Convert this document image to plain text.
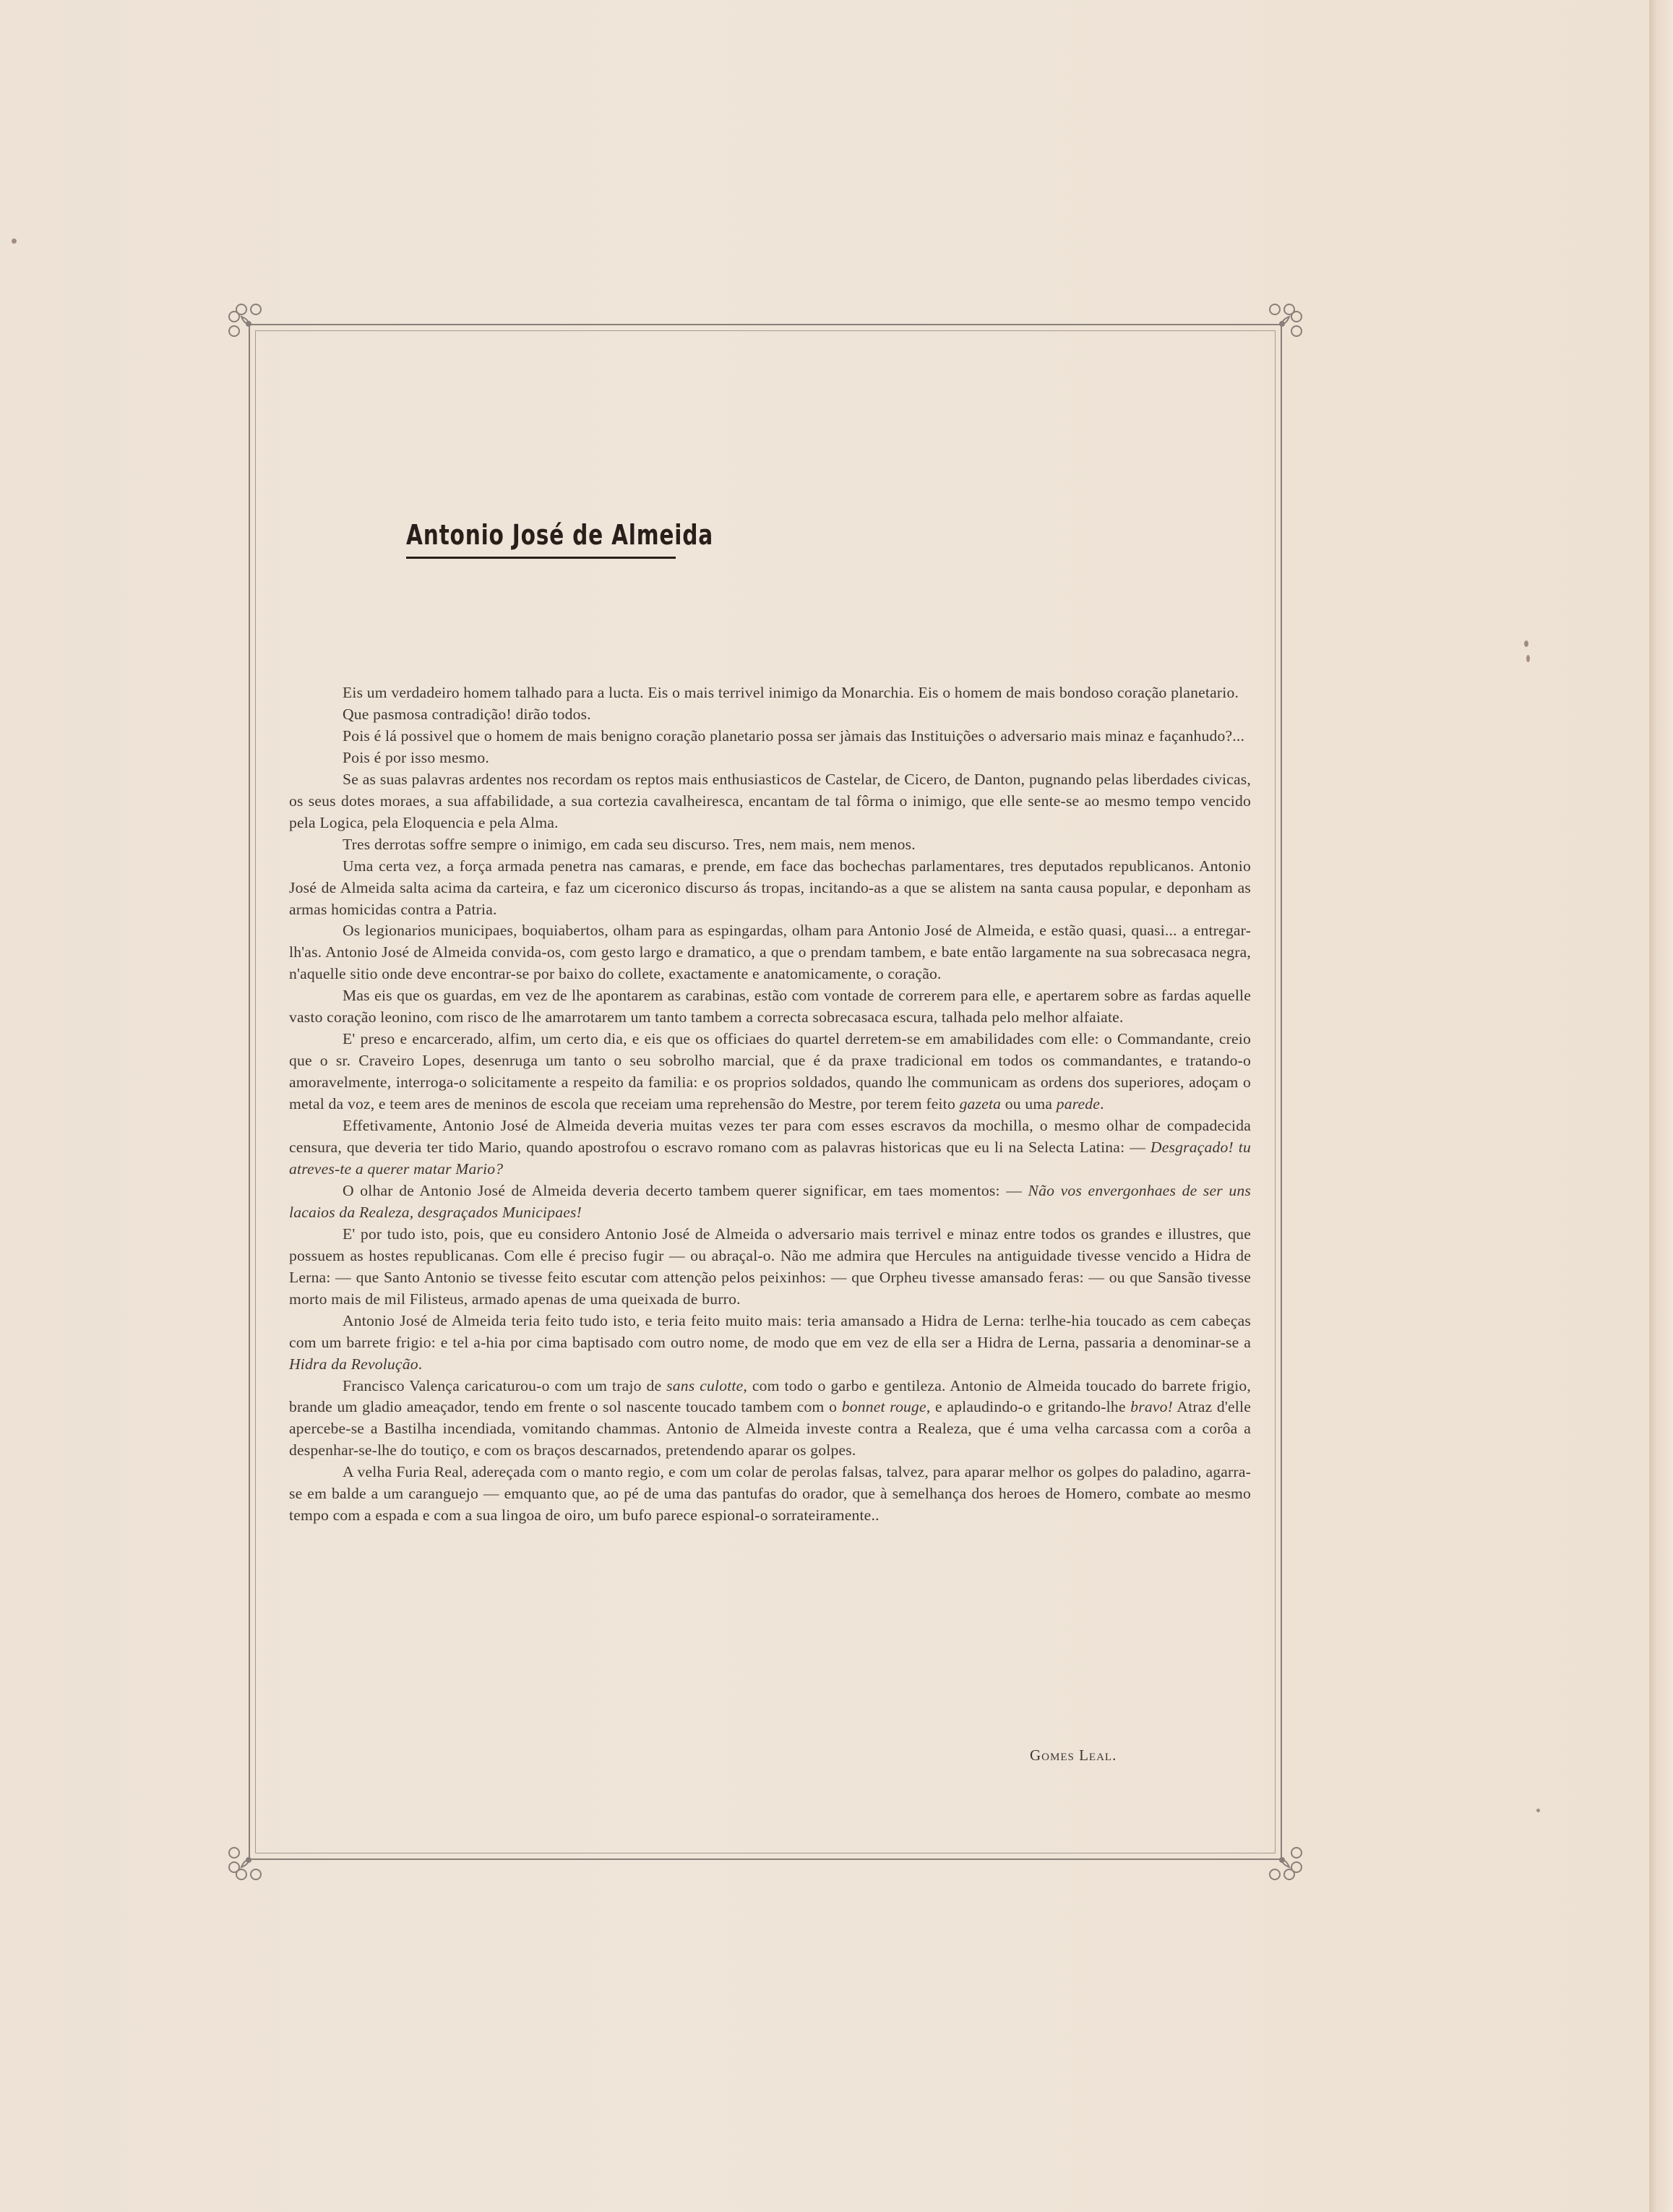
Antonio José de Almeida

Eis um verdadeiro homem talhado para a lucta. Eis o mais terrivel inimigo da Monarchia. Eis o homem de mais bondoso coração planetario.

Que pasmosa contradição! dirão todos.

Pois é lá possivel que o homem de mais benigno coração planetario possa ser jàmais das Instituições o adversario mais minaz e façanhudo?...

Pois é por isso mesmo.

Se as suas palavras ardentes nos recordam os reptos mais enthusiasticos de Castelar, de Cicero, de Danton, pugnando pelas liberdades civicas, os seus dotes moraes, a sua affabilidade, a sua cortezia cavalheiresca, encantam de tal fôrma o inimigo, que elle sente-se ao mesmo tempo vencido pela Logica, pela Eloquencia e pela Alma.

Tres derrotas soffre sempre o inimigo, em cada seu discurso. Tres, nem mais, nem menos.

Uma certa vez, a força armada penetra nas camaras, e prende, em face das bochechas parlamentares, tres deputados republicanos. Antonio José de Almeida salta acima da carteira, e faz um ciceronico discurso ás tropas, incitando-as a que se alistem na santa causa popular, e deponham as armas homicidas contra a Patria.

Os legionarios municipaes, boquiabertos, olham para as espingardas, olham para Antonio José de Almeida, e estão quasi, quasi... a entregar-lh'as. Antonio José de Almeida convida-os, com gesto largo e dramatico, a que o prendam tambem, e bate então largamente na sua sobrecasaca negra, n'aquelle sitio onde deve encontrar-se por baixo do collete, exactamente e anatomicamente, o coração.

Mas eis que os guardas, em vez de lhe apontarem as carabinas, estão com vontade de correrem para elle, e apertarem sobre as fardas aquelle vasto coração leonino, com risco de lhe amarrotarem um tanto tambem a correcta sobrecasaca escura, talhada pelo melhor alfaiate.

E' preso e encarcerado, alfim, um certo dia, e eis que os officiaes do quartel derretem-se em amabilidades com elle: o Commandante, creio que o sr. Craveiro Lopes, desenruga um tanto o seu sobrolho marcial, que é da praxe tradicional em todos os commandantes, e tratando-o amoravelmente, interroga-o solicitamente a respeito da familia: e os proprios soldados, quando lhe communicam as ordens dos superiores, adoçam o metal da voz, e teem ares de meninos de escola que receiam uma reprehensão do Mestre, por terem feito gazeta ou uma parede.

Effetivamente, Antonio José de Almeida deveria muitas vezes ter para com esses escravos da mochilla, o mesmo olhar de compadecida censura, que deveria ter tido Mario, quando apostrofou o escravo romano com as palavras historicas que eu li na Selecta Latina: — Desgraçado! tu atreves-te a querer matar Mario?

O olhar de Antonio José de Almeida deveria decerto tambem querer significar, em taes momentos: — Não vos envergonhaes de ser uns lacaios da Realeza, desgraçados Municipaes!

E' por tudo isto, pois, que eu considero Antonio José de Almeida o adversario mais terrivel e minaz entre todos os grandes e illustres, que possuem as hostes republicanas. Com elle é preciso fugir — ou abraçal-o. Não me admira que Hercules na antiguidade tivesse vencido a Hidra de Lerna: — que Santo Antonio se tivesse feito escutar com attenção pelos peixinhos: — que Orpheu tivesse amansado feras: — ou que Sansão tivesse morto mais de mil Filisteus, armado apenas de uma queixada de burro.

Antonio José de Almeida teria feito tudo isto, e teria feito muito mais: teria amansado a Hidra de Lerna: terlhe-hia toucado as cem cabeças com um barrete frigio: e tel a-hia por cima baptisado com outro nome, de modo que em vez de ella ser a Hidra de Lerna, passaria a denominar-se a Hidra da Revolução.

Francisco Valença caricaturou-o com um trajo de sans culotte, com todo o garbo e gentileza. Antonio de Almeida toucado do barrete frigio, brande um gladio ameaçador, tendo em frente o sol nascente toucado tambem com o bonnet rouge, e aplaudindo-o e gritando-lhe bravo! Atraz d'elle apercebe-se a Bastilha incendiada, vomitando chammas. Antonio de Almeida investe contra a Realeza, que é uma velha carcassa com a corôa a despenhar-se-lhe do toutiço, e com os braços descarnados, pretendendo aparar os golpes.

A velha Furia Real, adereçada com o manto regio, e com um colar de perolas falsas, talvez, para aparar melhor os golpes do paladino, agarra-se em balde a um caranguejo — emquanto que, ao pé de uma das pantufas do orador, que à semelhança dos heroes de Homero, combate ao mesmo tempo com a espada e com a sua lingoa de oiro, um bufo parece espional-o sorrateiramente..

Gomes Leal.
